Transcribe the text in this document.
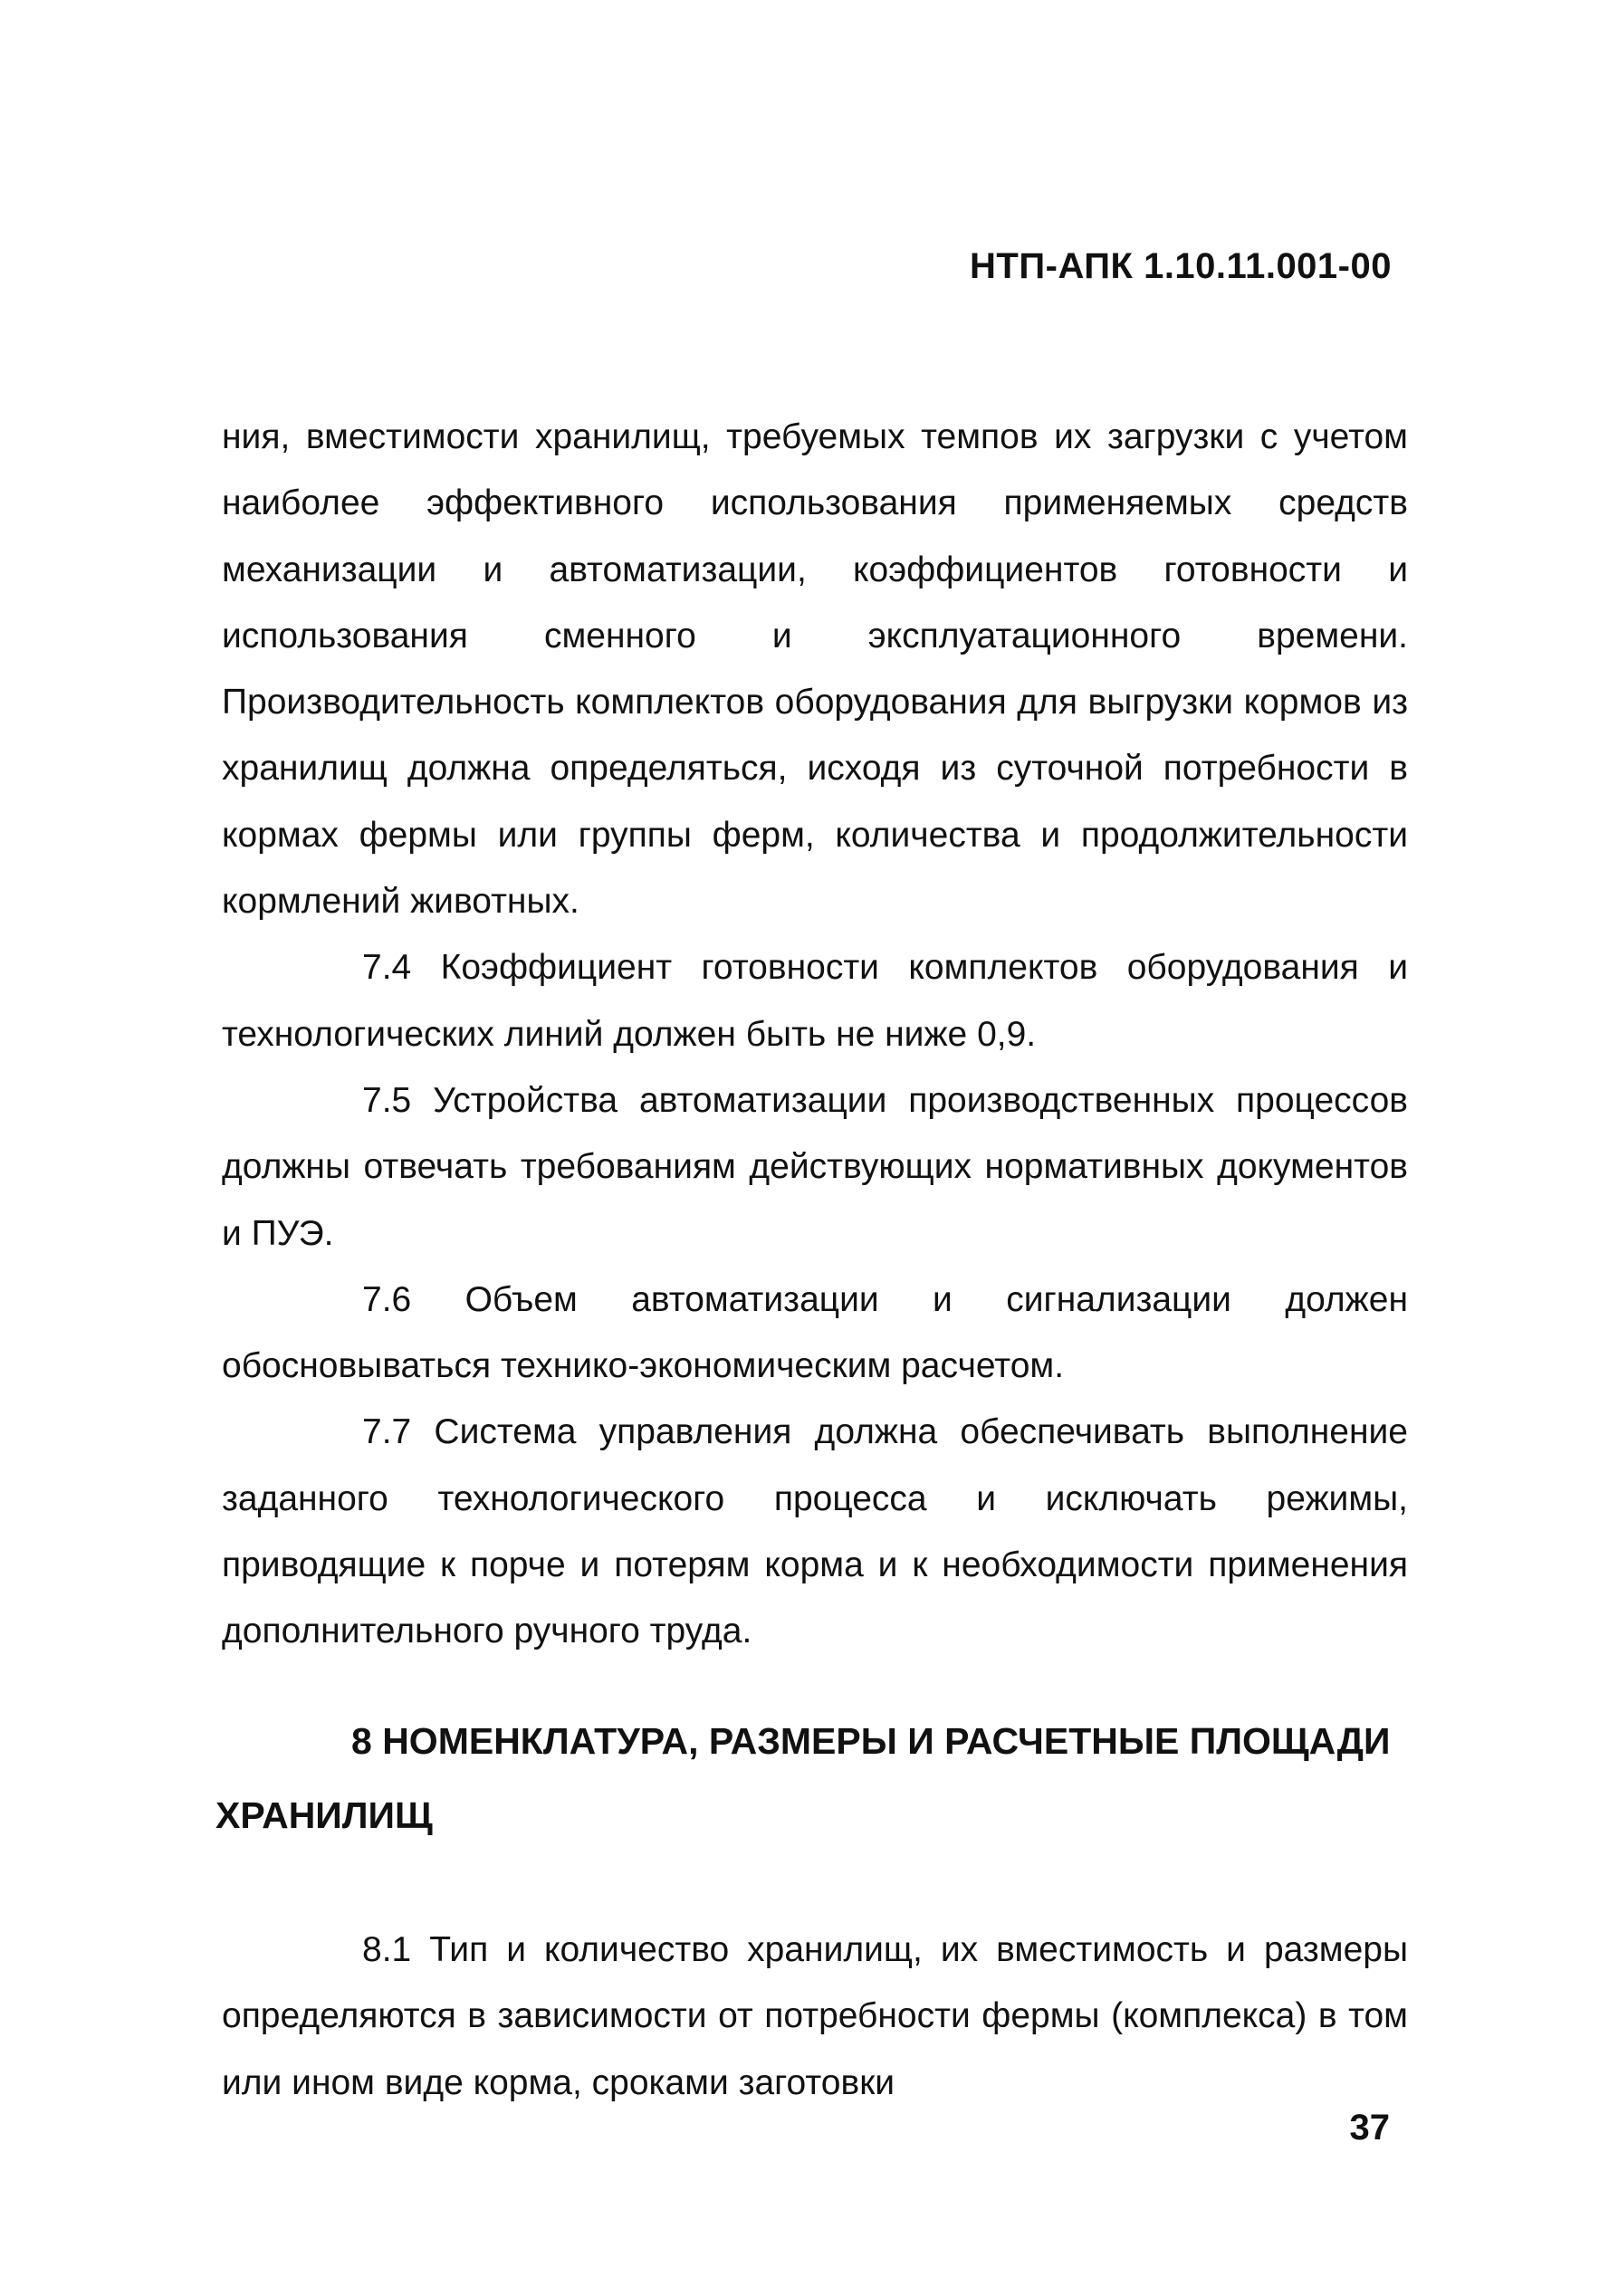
НТП-АПК 1.10.11.001-00

ния, вместимости хранилищ, требуемых темпов их загрузки с учетом наиболее эффективного использования применяемых средств механизации и автоматизации, коэффициентов готовности и использования сменного и эксплуатационного времени. Производительность комплектов оборудования для выгрузки кормов из хранилищ должна определяться, исходя из суточной потребности в кормах фермы или группы ферм, количества и продолжительности кормлений животных.

7.4 Коэффициент готовности комплектов оборудования и технологических линий должен быть не ниже 0,9.

7.5 Устройства автоматизации производственных процессов должны отвечать требованиям действующих нормативных документов и ПУЭ.

7.6 Объем автоматизации и сигнализации должен обосновываться технико-экономическим расчетом.

7.7 Система управления должна обеспечивать выполнение заданного технологического процесса и исключать режимы, приводящие к порче и потерям корма и к необходимости применения дополнительного ручного труда.

8 НОМЕНКЛАТУРА, РАЗМЕРЫ И РАСЧЕТНЫЕ ПЛОЩАДИ ХРАНИЛИЩ

8.1 Тип и количество хранилищ, их вместимость и размеры определяются в зависимости от потребности фермы (комплекса) в том или ином виде корма, сроками заготовки

37
